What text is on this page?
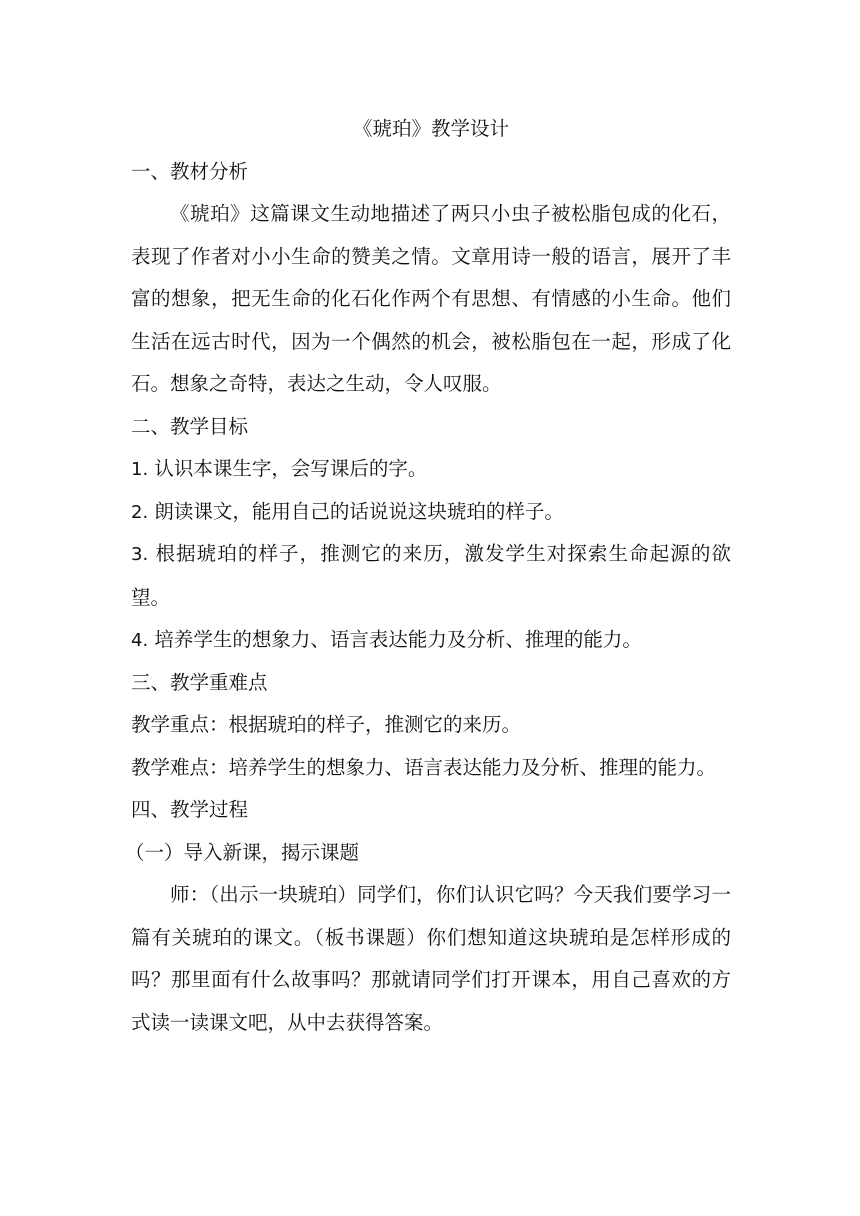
《琥珀》教学设计
一、教材分析

《琥珀》这篇课文生动地描述了两只小虫子被松脂包成的化石，表现了作者对小小生命的赞美之情。文章用诗一般的语言，展开了丰富的想象，把无生命的化石化作两个有思想、有情感的小生命。他们生活在远古时代，因为一个偶然的机会，被松脂包在一起，形成了化石。想象之奇特，表达之生动，令人叹服。

二、教学目标
1. 认识本课生字，会写课后的字。
2. 朗读课文，能用自己的话说说这块琥珀的样子。

3. 根据琥珀的样子，推测它的来历，激发学生对探索生命起源的欲望。

4. 培养学生的想象力、语言表达能力及分析、推理的能力。
三、教学重难点
教学重点：根据琥珀的样子，推测它的来历。
教学难点：培养学生的想象力、语言表达能力及分析、推理的能力。
四、教学过程
（一）导入新课，揭示课题

师：（出示一块琥珀）同学们，你们认识它吗？今天我们要学习一篇有关琥珀的课文。（板书课题）你们想知道这块琥珀是怎样形成的吗？那里面有什么故事吗？那就请同学们打开课本，用自己喜欢的方式读一读课文吧，从中去获得答案。
